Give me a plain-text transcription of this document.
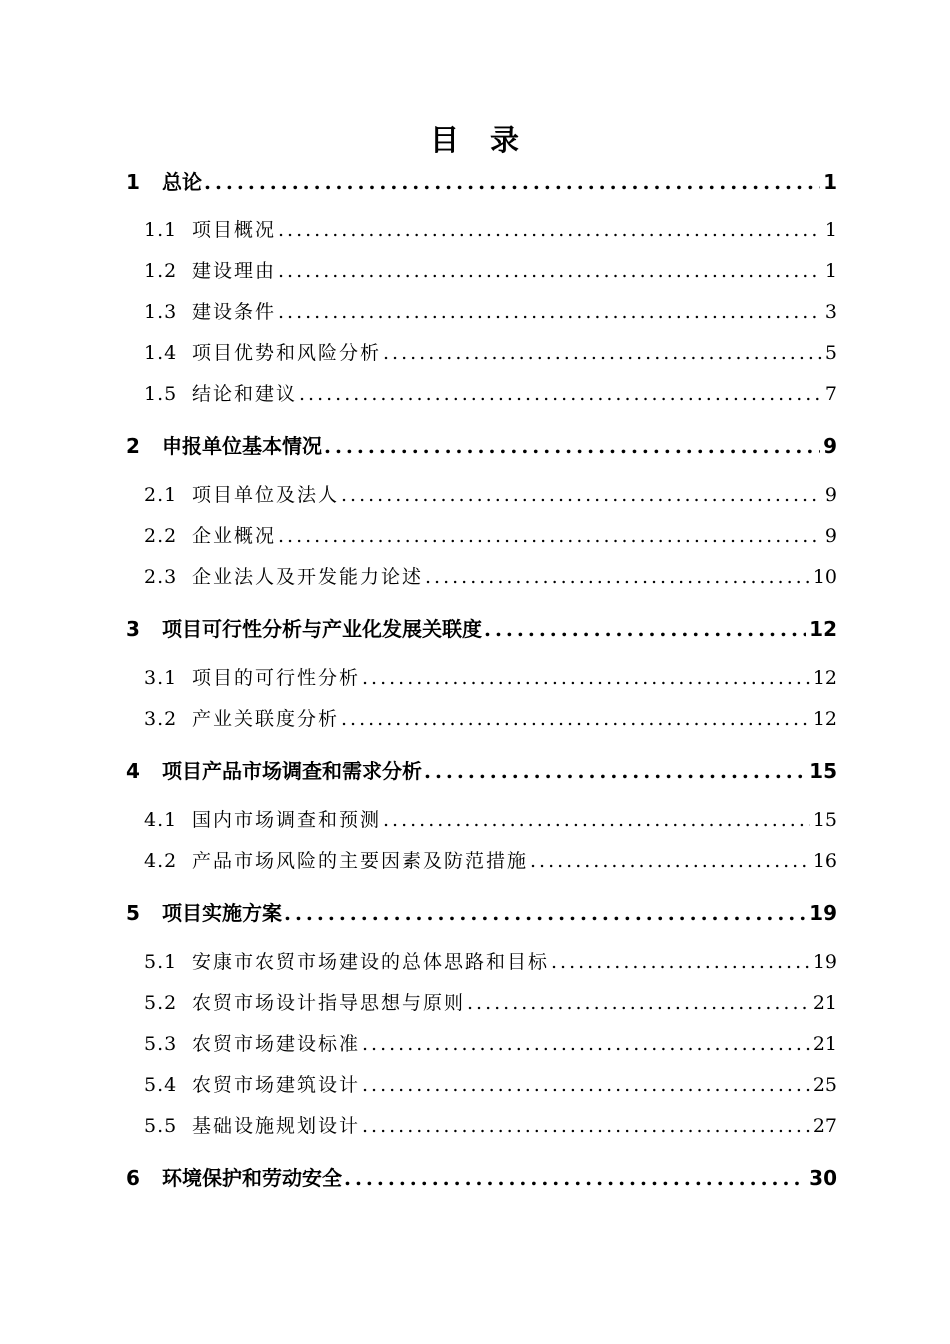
目　录
1	总论 .....	1
1.1 项目概况 .....	1
1.2 建设理由 .....	1
1.3 建设条件 .....	3
1.4 项目优势和风险分析 .....	5
1.5 结论和建议 .....	7
2	申报单位基本情况 .....	9
2.1 项目单位及法人 .....	9
2.2 企业概况 .....	9
2.3 企业法人及开发能力论述 .....	10
3	项目可行性分析与产业化发展关联度 .....	12
3.1 项目的可行性分析 .....	12
3.2 产业关联度分析 .....	12
4	项目产品市场调查和需求分析 .....	15
4.1 国内市场调查和预测 .....	15
4.2 产品市场风险的主要因素及防范措施 .....	16
5	项目实施方案 .....	19
5.1 安康市农贸市场建设的总体思路和目标 .....	19
5.2 农贸市场设计指导思想与原则 .....	21
5.3 农贸市场建设标准 .....	21
5.4 农贸市场建筑设计 .....	25
5.5 基础设施规划设计 .....	27
6	环境保护和劳动安全 .....	30
